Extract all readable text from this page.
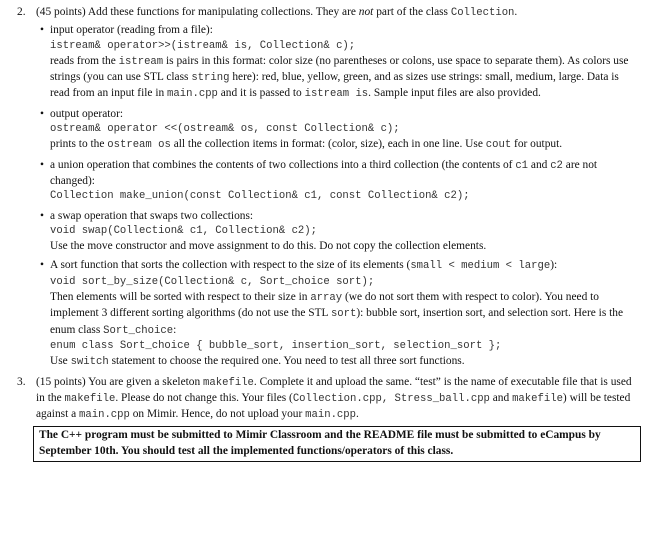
2. (45 points) Add these functions for manipulating collections. They are not part of the class Collection.
• input operator (reading from a file):
istream& operator>>(istream& is, Collection& c);
reads from the istream is pairs in this format: color size (no parentheses or colons, use space to separate them). As colors use strings (you can use STL class string here): red, blue, yellow, green, and as sizes use strings: small, medium, large. Data is read from an input file in main.cpp and it is passed to istream is. Sample input files are also provided.
• output operator:
ostream& operator <<(ostream& os, const Collection& c);
prints to the ostream os all the collection items in format: (color, size), each in one line. Use cout for output.
• a union operation that combines the contents of two collections into a third collection (the contents of c1 and c2 are not changed):
Collection make_union(const Collection& c1, const Collection& c2);
• a swap operation that swaps two collections:
void swap(Collection& c1, Collection& c2);
Use the move constructor and move assignment to do this. Do not copy the collection elements.
• A sort function that sorts the collection with respect to the size of its elements (small < medium < large):
void sort_by_size(Collection& c, Sort_choice sort);
Then elements will be sorted with respect to their size in array (we do not sort them with respect to color). You need to implement 3 different sorting algorithms (do not use the STL sort): bubble sort, insertion sort, and selection sort. Here is the enum class Sort_choice:
enum class Sort_choice { bubble_sort, insertion_sort, selection_sort };
Use switch statement to choose the required one. You need to test all three sort functions.
3. (15 points) You are given a skeleton makefile. Complete it and upload the same. “test” is the name of executable file that is used in the makefile. Please do not change this. Your files (Collection.cpp, Stress_ball.cpp and makefile) will be tested against a main.cpp on Mimir. Hence, do not upload your main.cpp.
The C++ program must be submitted to Mimir Classroom and the README file must be submitted to eCampus by September 10th. You should test all the implemented functions/operators of this class.
